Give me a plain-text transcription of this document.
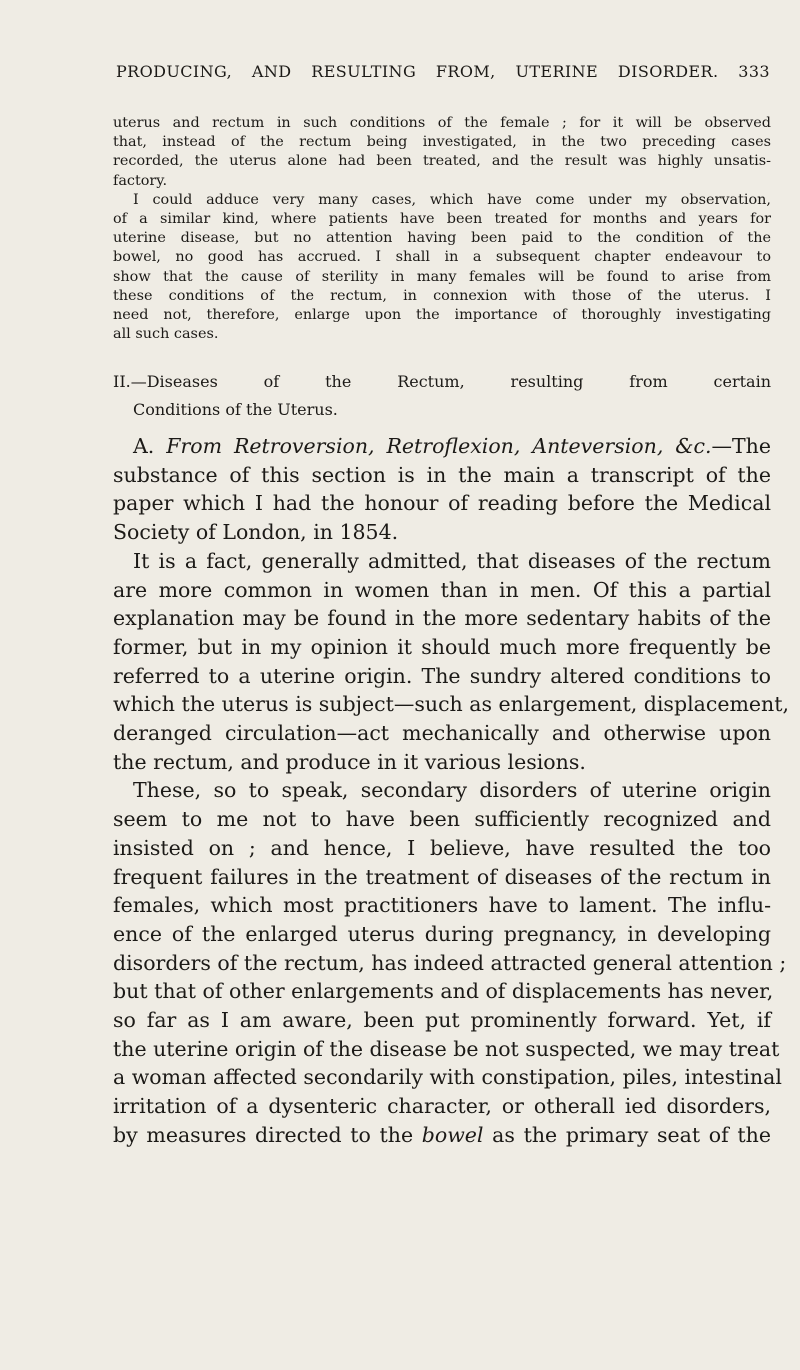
PRODUCING, AND RESULTING FROM, UTERINE DISORDER. 333
uterus and rectum in such conditions of the female ; for it will be observed
that, instead of the rectum being investigated, in the two preceding cases
recorded, the uterus alone had been treated, and the result was highly unsatis-
factory.
I could adduce very many cases, which have come under my observation,
of a similar kind, where patients have been treated for months and years for
uterine disease, but no attention having been paid to the condition of the
bowel, no good has accrued. I shall in a subsequent chapter endeavour to
show that the cause of sterility in many females will be found to arise from
these conditions of the rectum, in connexion with those of the uterus. I
need not, therefore, enlarge upon the importance of thoroughly investigating
all such cases.
II.—Diseases of the Rectum, resulting from certain
Conditions of the Uterus.
A. From Retroversion, Retroflexion, Anteversion, &c.—The
substance of this section is in the main a transcript of the
paper which I had the honour of reading before the Medical
Society of London, in 1854.
It is a fact, generally admitted, that diseases of the rectum
are more common in women than in men. Of this a partial
explanation may be found in the more sedentary habits of the
former, but in my opinion it should much more frequently be
referred to a uterine origin. The sundry altered conditions to
which the uterus is subject—such as enlargement, displacement,
deranged circulation—act mechanically and otherwise upon
the rectum, and produce in it various lesions.
These, so to speak, secondary disorders of uterine origin
seem to me not to have been sufficiently recognized and
insisted on ; and hence, I believe, have resulted the too
frequent failures in the treatment of diseases of the rectum in
females, which most practitioners have to lament. The influ-
ence of the enlarged uterus during pregnancy, in developing
disorders of the rectum, has indeed attracted general attention ;
but that of other enlargements and of displacements has never,
so far as I am aware, been put prominently forward. Yet, if
the uterine origin of the disease be not suspected, we may treat
a woman affected secondarily with constipation, piles, intestinal
irritation of a dysenteric character, or otherall ied disorders,
by measures directed to the bowel as the primary seat of the
